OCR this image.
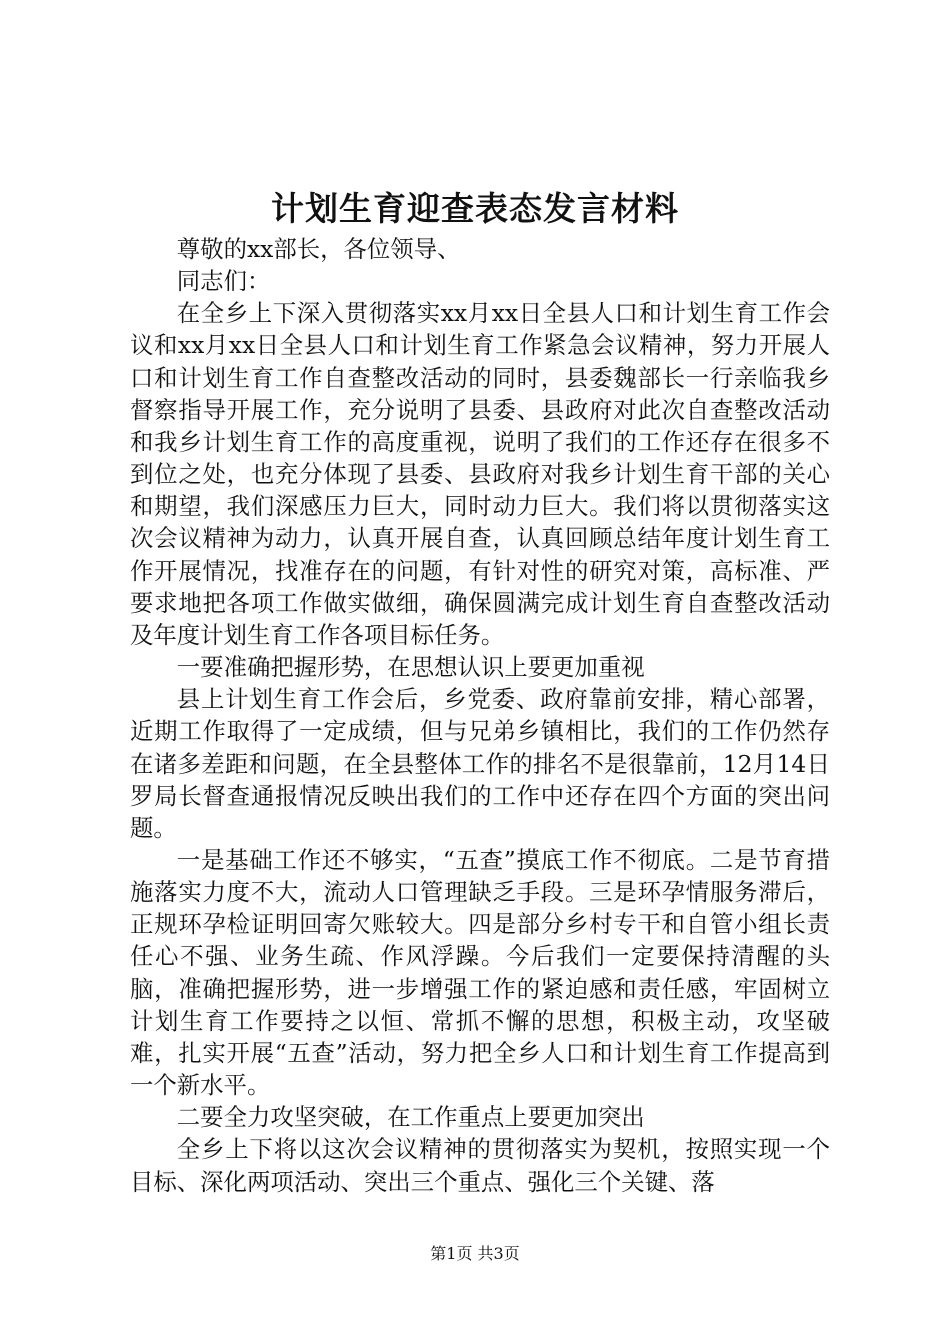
计划生育迎查表态发言材料

尊敬的xx部长，各位领导、

同志们：

在全乡上下深入贯彻落实xx月xx日全县人口和计划生育工作会议和xx月xx日全县人口和计划生育工作紧急会议精神，努力开展人口和计划生育工作自查整改活动的同时，县委魏部长一行亲临我乡督察指导开展工作，充分说明了县委、县政府对此次自查整改活动和我乡计划生育工作的高度重视，说明了我们的工作还存在很多不到位之处，也充分体现了县委、县政府对我乡计划生育干部的关心和期望，我们深感压力巨大，同时动力巨大。我们将以贯彻落实这次会议精神为动力，认真开展自查，认真回顾总结年度计划生育工作开展情况，找准存在的问题，有针对性的研究对策，高标准、严要求地把各项工作做实做细，确保圆满完成计划生育自查整改活动及年度计划生育工作各项目标任务。

一要准确把握形势，在思想认识上要更加重视

县上计划生育工作会后，乡党委、政府靠前安排，精心部署，近期工作取得了一定成绩，但与兄弟乡镇相比，我们的工作仍然存在诸多差距和问题，在全县整体工作的排名不是很靠前，12月14日罗局长督查通报情况反映出我们的工作中还存在四个方面的突出问题。

一是基础工作还不够实，“五查”摸底工作不彻底。二是节育措施落实力度不大，流动人口管理缺乏手段。三是环孕情服务滞后，正规环孕检证明回寄欠账较大。四是部分乡村专干和自管小组长责任心不强、业务生疏、作风浮躁。今后我们一定要保持清醒的头脑，准确把握形势，进一步增强工作的紧迫感和责任感，牢固树立计划生育工作要持之以恒、常抓不懈的思想，积极主动，攻坚破难，扎实开展“五查”活动，努力把全乡人口和计划生育工作提高到一个新水平。

二要全力攻坚突破，在工作重点上要更加突出

全乡上下将以这次会议精神的贯彻落实为契机，按照实现一个目标、深化两项活动、突出三个重点、强化三个关键、落

第1页 共3页
